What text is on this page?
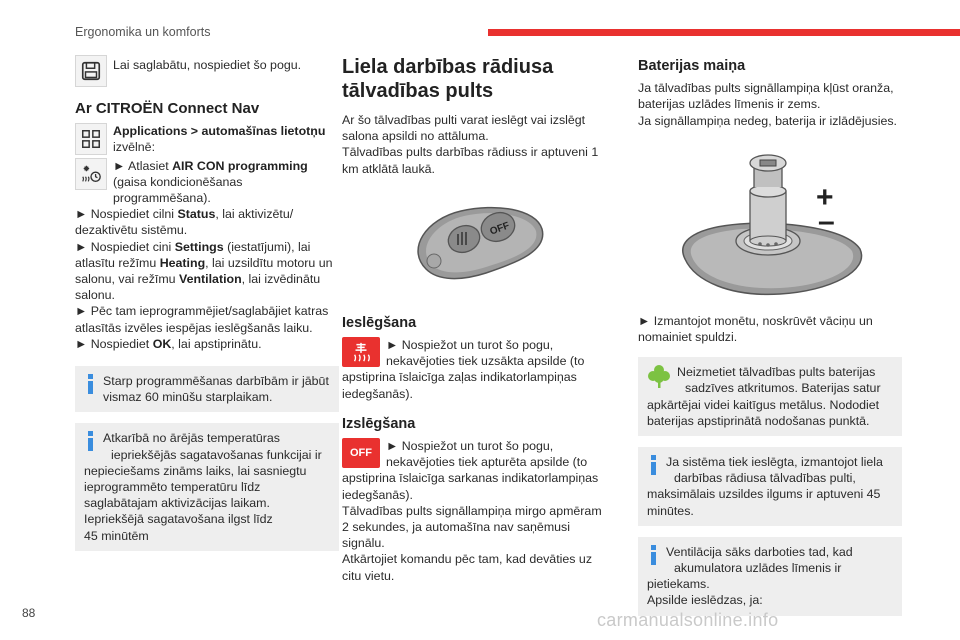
Ergonomika un komforts

Lai saglabātu, nospiediet šo pogu.

Ar CITROËN Connect Nav

Applications > automašīnas lietotņu izvēlnē:

► Atlasiet AIR CON programming (gaisa kondicionēšanas programmēšana).

► Nospiediet cilni Status, lai aktivizētu/ dezaktivētu sistēmu.

► Nospiediet cini Settings (iestatījumi), lai atlasītu režīmu Heating, lai uzsildītu motoru un salonu, vai režīmu Ventilation, lai izvēdinātu salonu.

► Pēc tam ieprogrammējiet/saglabājiet katras atlasītās izvēles iespējas ieslēgšanās laiku.

► Nospiediet OK, lai apstiprinātu.

Starp programmēšanas darbībām ir jābūt

vismaz 60 minūšu starplaikam.

Atkarībā no ārējās temperatūras

iepriekšējās sagatavošanas funkcijai ir

nepieciešams zināms laiks, lai sasniegtu ieprogrammēto temperatūru līdz saglabātajam aktivizācijas laikam.

Iepriekšējā sagatavošana ilgst līdz

45 minūtēm

Liela darbības rādiusa tālvadības pults

Ar šo tālvadības pulti varat ieslēgt vai izslēgt salona apsildi no attāluma.

Tālvadības pults darbības rādiuss ir aptuveni 1 km atklātā laukā.

OFF
Ieslēgšana

► Nospiežot un turot šo pogu, nekavējoties tiek uzsākta apsilde (to apstiprina īslaicīga zaļas indikatorlampiņas iedegšanās).

Izslēgšana
OFF	► Nospiežot un turot šo pogu, nekavējoties tiek apturēta apsilde (to apstiprina īslaicīga sarkanas indikatorlampiņas iedegšanās).

Tālvadības pults signāllampiņa mirgo apmēram 2 sekundes, ja automašīna nav saņēmusi signālu.

Atkārtojiet komandu pēc tam, kad devāties uz citu vietu.

Baterijas maiņa

Ja tālvadības pults signāllampiņa kļūst oranža, baterijas uzlādes līmenis ir zems.

Ja signāllampiņa nedeg, baterija ir izlādējusies.

+
–

► Izmantojot monētu, noskrūvēt vāciņu un nomainiet spuldzi.

Neizmetiet tālvadības pults baterijas

sadzīves atkritumos. Baterijas satur

apkārtējai videi kaitīgus metālus. Nododiet baterijas apstiprinātā nodošanas punktā.

Ja sistēma tiek ieslēgta, izmantojot liela

darbības rādiusa tālvadības pulti,

maksimālais uzsildes ilgums ir aptuveni 45 minūtes.

Ventilācija sāks darboties tad, kad

akumulatora uzlādes līmenis ir

pietiekams.

Apsilde ieslēdzas, ja:

88	carmanualsonline.info
